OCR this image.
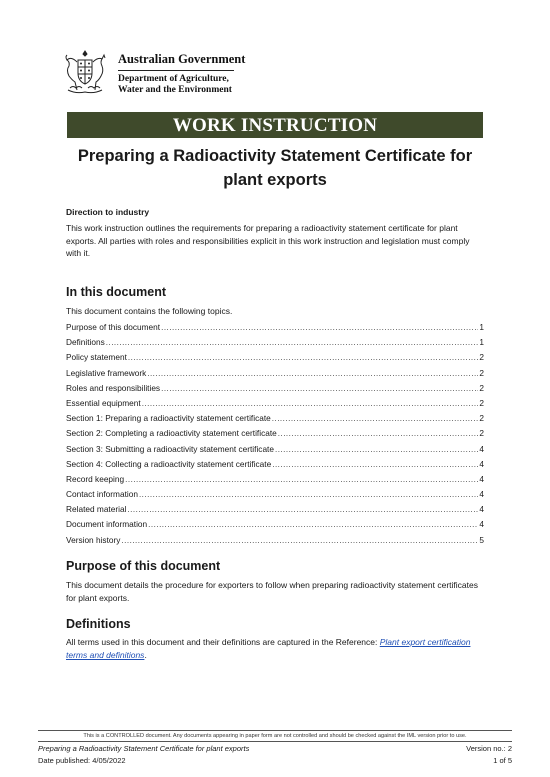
Australian Government
Department of Agriculture,
Water and the Environment
WORK INSTRUCTION
Preparing a Radioactivity Statement Certificate for
plant exports
Direction to industry
This work instruction outlines the requirements for preparing a radioactivity statement certificate for plant exports. All parties with roles and responsibilities explicit in this work instruction and legislation must comply with it.
In this document
This document contains the following topics.
Purpose of this document .....	1
Definitions .....	1
Policy statement .....	2
Legislative framework .....	2
Roles and responsibilities .....	2
Essential equipment .....	2
Section 1: Preparing a radioactivity statement certificate .....	2
Section 2: Completing a radioactivity statement certificate .....	2
Section 3: Submitting a radioactivity statement certificate .....	4
Section 4: Collecting a radioactivity statement certificate .....	4
Record keeping .....	4
Contact information .....	4
Related material .....	4
Document information .....	4
Version history .....	5
Purpose of this document
This document details the procedure for exporters to follow when preparing radioactivity statement certificates for plant exports.
Definitions
All terms used in this document and their definitions are captured in the Reference: Plant export certification terms and definitions.
This is a CONTROLLED document. Any documents appearing in paper form are not controlled and should be checked against the IML version prior to use.
Preparing a Radioactivity Statement Certificate for plant exports	Version no.: 2
Date published: 4/05/2022	1 of 5
